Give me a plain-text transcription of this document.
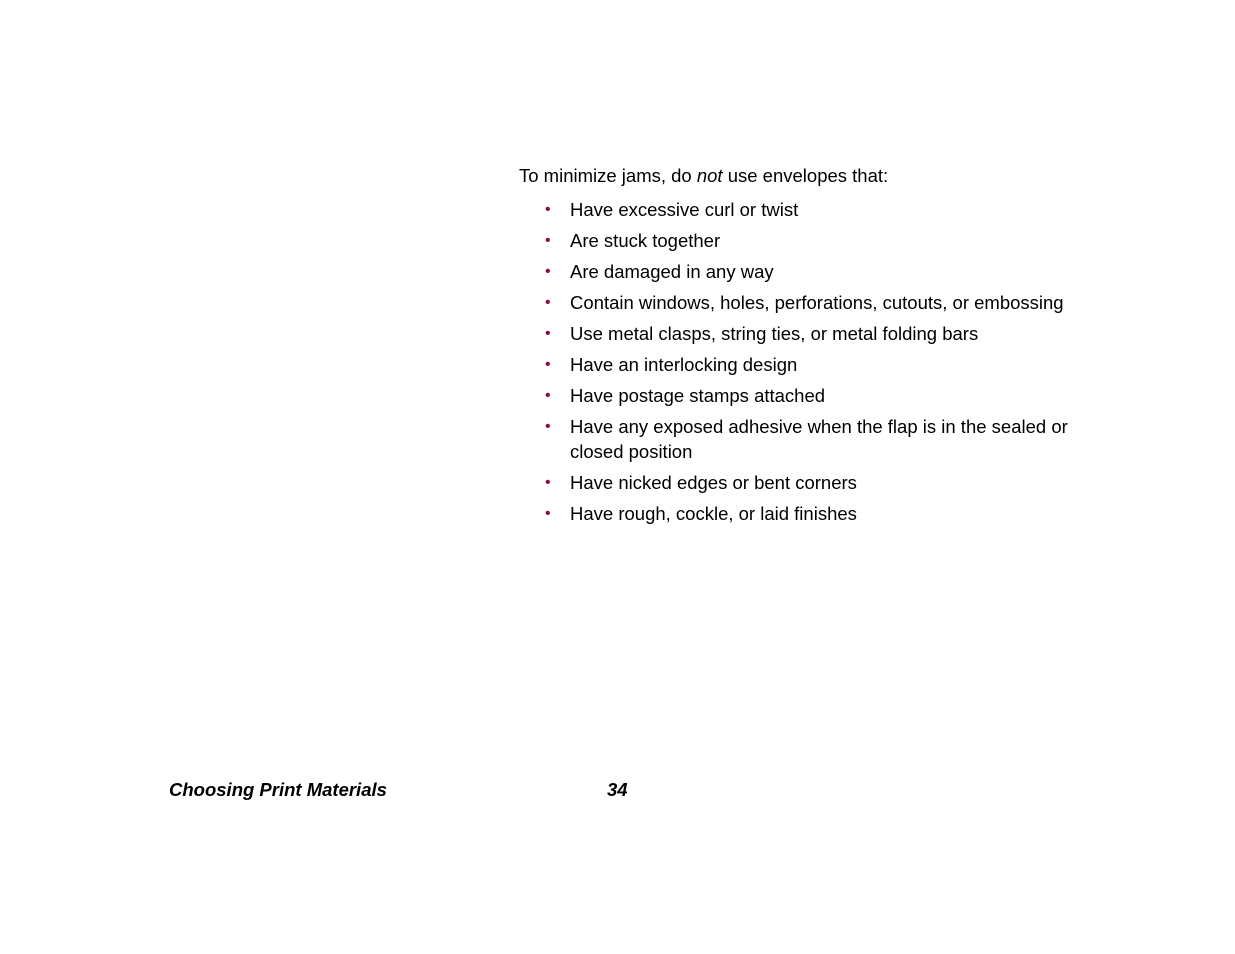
To minimize jams, do not use envelopes that:

• Have excessive curl or twist
• Are stuck together
• Are damaged in any way
• Contain windows, holes, perforations, cutouts, or embossing
• Use metal clasps, string ties, or metal folding bars
• Have an interlocking design
• Have postage stamps attached
• Have any exposed adhesive when the flap is in the sealed or closed position
• Have nicked edges or bent corners
• Have rough, cockle, or laid finishes
Choosing Print Materials	34
